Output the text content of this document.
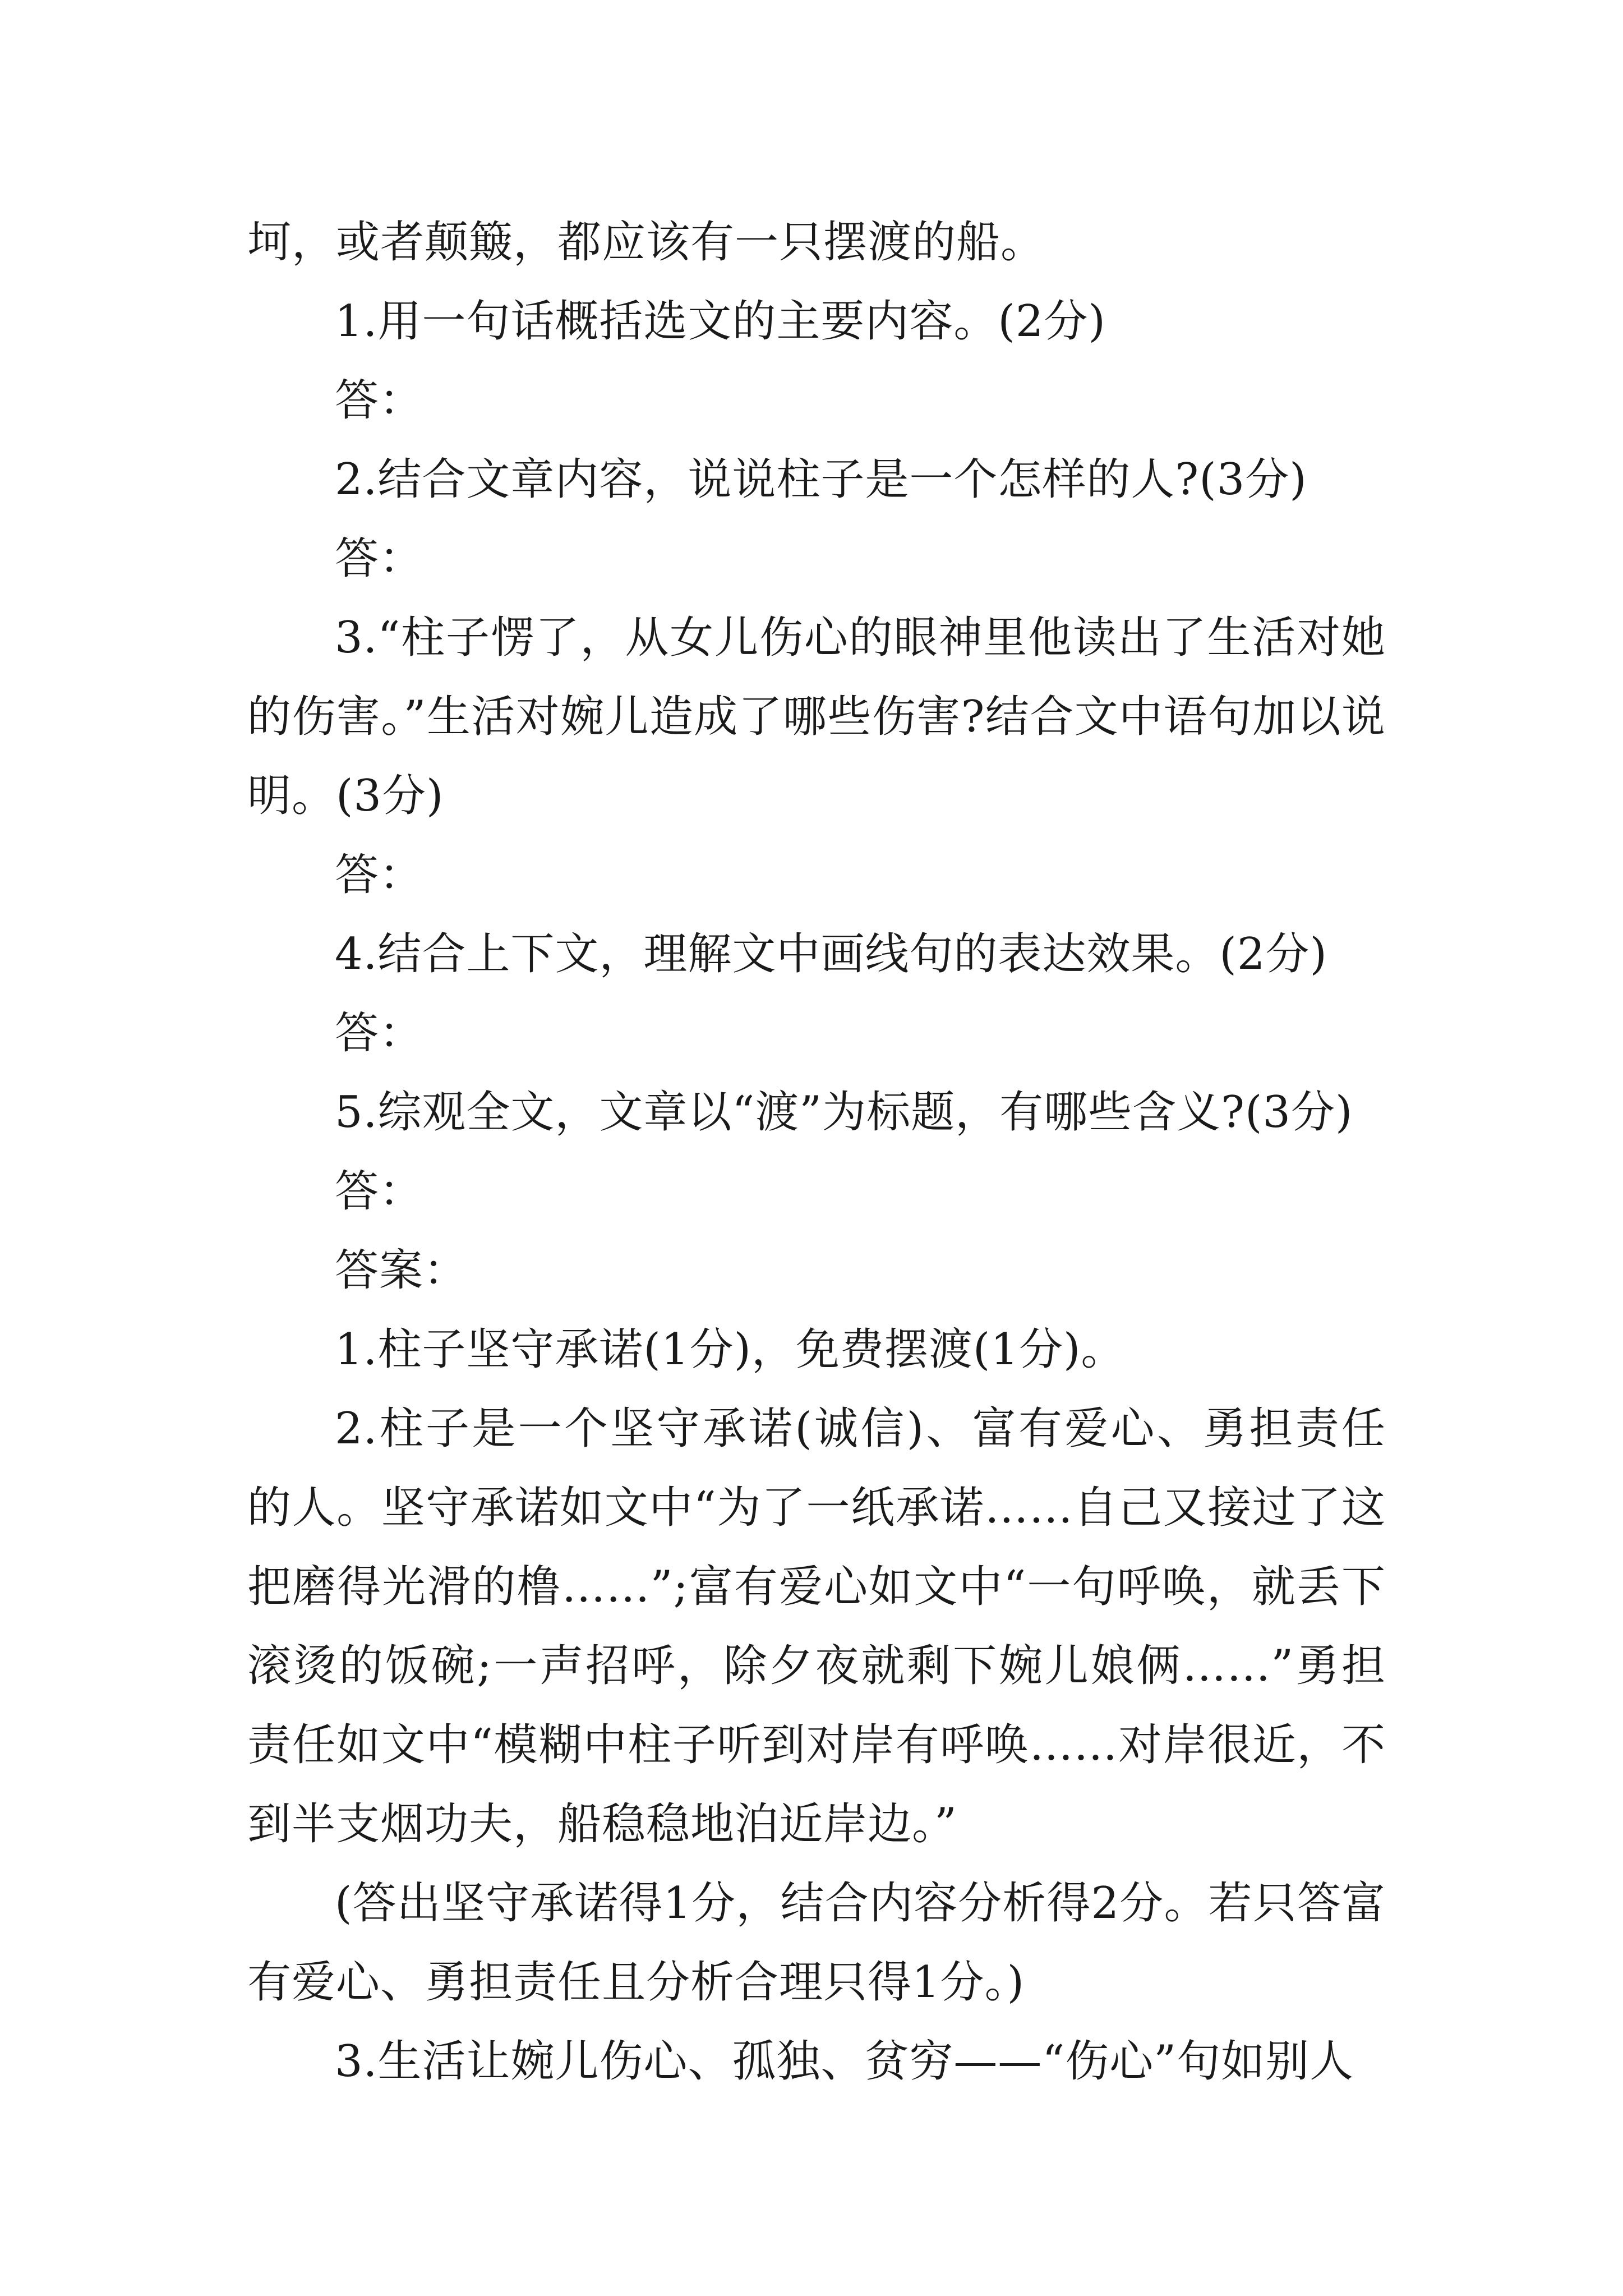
坷，或者颠簸，都应该有一只摆渡的船。

1.用一句话概括选文的主要内容。(2分)

答：

2.结合文章内容，说说柱子是一个怎样的人?(3分)

答：

3.“柱子愣了，从女儿伤心的眼神里他读出了生活对她的伤害。”生活对婉儿造成了哪些伤害?结合文中语句加以说明。(3分)

答：

4.结合上下文，理解文中画线句的表达效果。(2分)

答：

5.综观全文，文章以“渡”为标题，有哪些含义?(3分)

答：

答案：

1.柱子坚守承诺(1分)，免费摆渡(1分)。

2.柱子是一个坚守承诺(诚信)、富有爱心、勇担责任的人。坚守承诺如文中“为了一纸承诺……自己又接过了这把磨得光滑的橹……”;富有爱心如文中“一句呼唤，就丢下滚烫的饭碗;一声招呼，除夕夜就剩下婉儿娘俩……”勇担责任如文中“模糊中柱子听到对岸有呼唤……对岸很近，不到半支烟功夫，船稳稳地泊近岸边。”

(答出坚守承诺得1分，结合内容分析得2分。若只答富有爱心、勇担责任且分析合理只得1分。)

3.生活让婉儿伤心、孤独、贫穷——“伤心”句如别人
